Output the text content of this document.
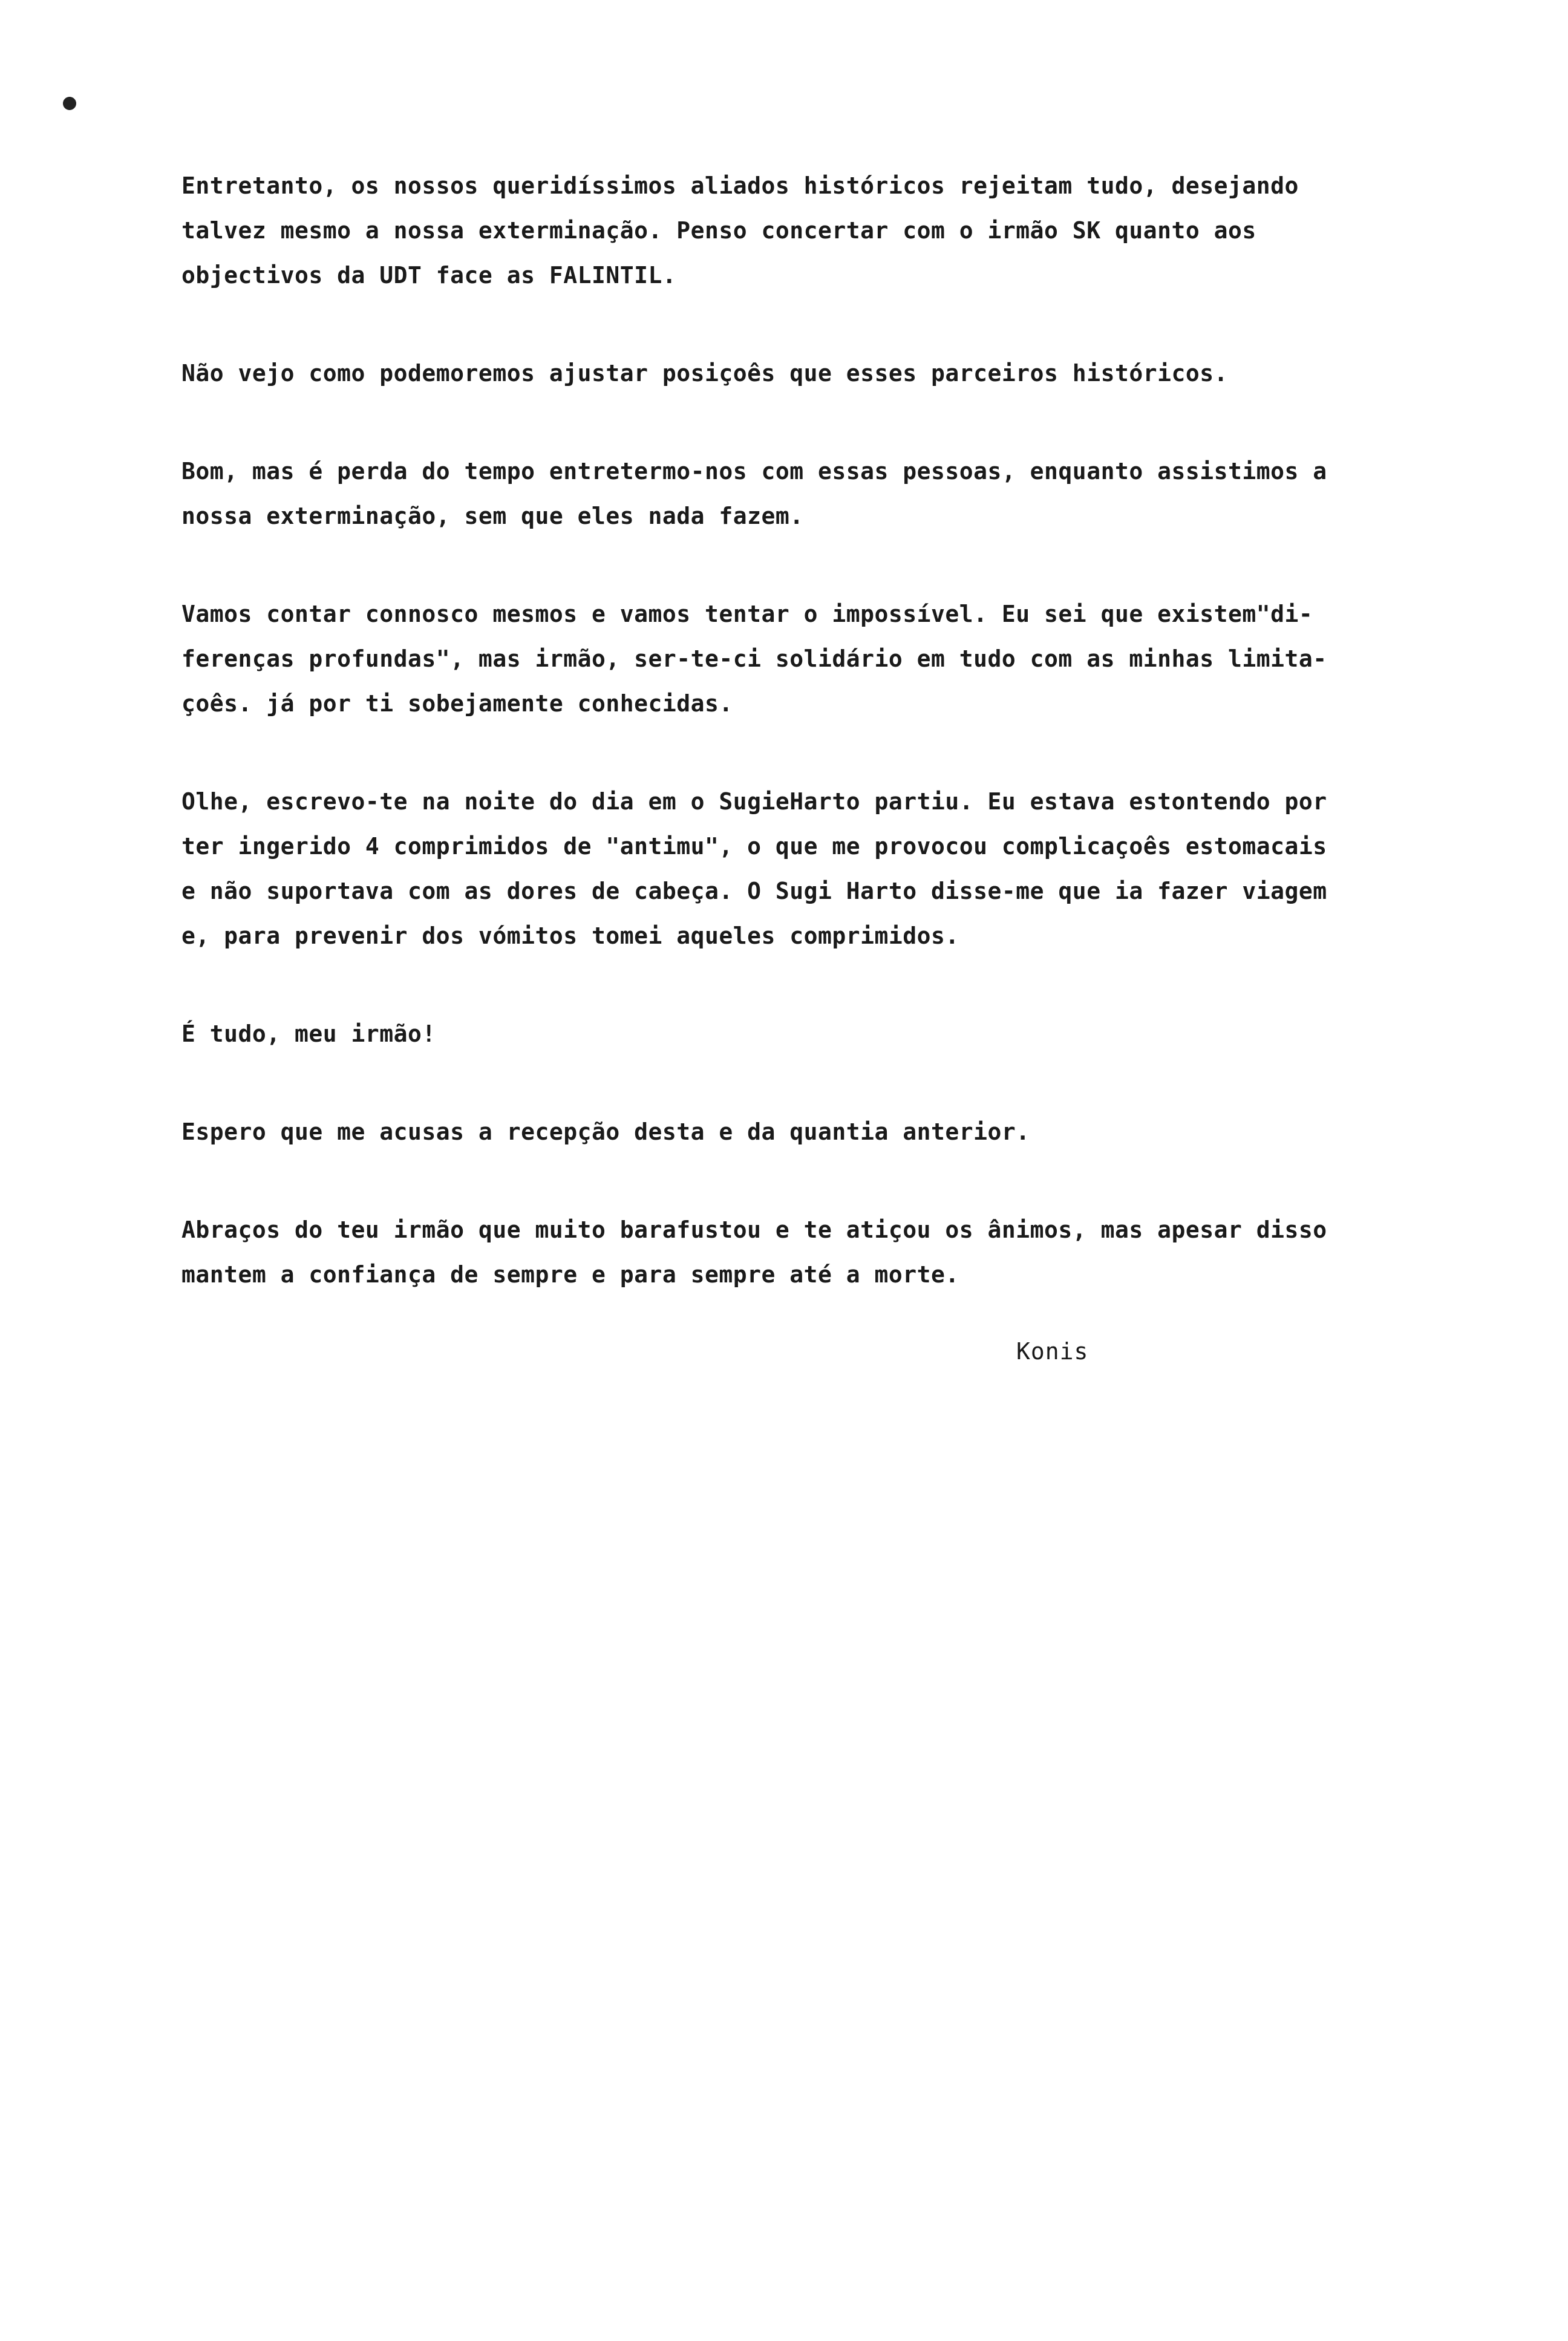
Entretanto, os nossos queridíssimos aliados históricos rejeitam tudo, desejando
talvez mesmo a nossa exterminação. Penso concertar com o irmão SK quanto aos
objectivos da UDT face as FALINTIL.

Não vejo como podemoremos ajustar posiçoês que esses parceiros históricos.

Bom, mas é perda do tempo entretermo-nos com essas pessoas, enquanto assistimos a
nossa exterminação, sem que eles nada fazem.

Vamos contar connosco mesmos e vamos tentar o impossível. Eu sei que existem"di-
ferenças profundas", mas irmão, ser-te-ci solidário em tudo com as minhas limita-
çoês. já por ti sobejamente conhecidas.

Olhe, escrevo-te na noite do dia em o SugieHarto partiu. Eu estava estontendo por
ter ingerido 4 comprimidos de "antimu", o que me provocou complicaçoês estomacais
e não suportava com as dores de cabeça. O Sugi Harto disse-me que ia fazer viagem
e, para prevenir dos vómitos tomei aqueles comprimidos.

É tudo, meu irmão!

Espero que me acusas a recepção desta e da quantia anterior.

Abraços do teu irmão que muito barafustou e te atiçou os ânimos, mas apesar disso
mantem a confiança de sempre e para sempre até a morte.

Konis
